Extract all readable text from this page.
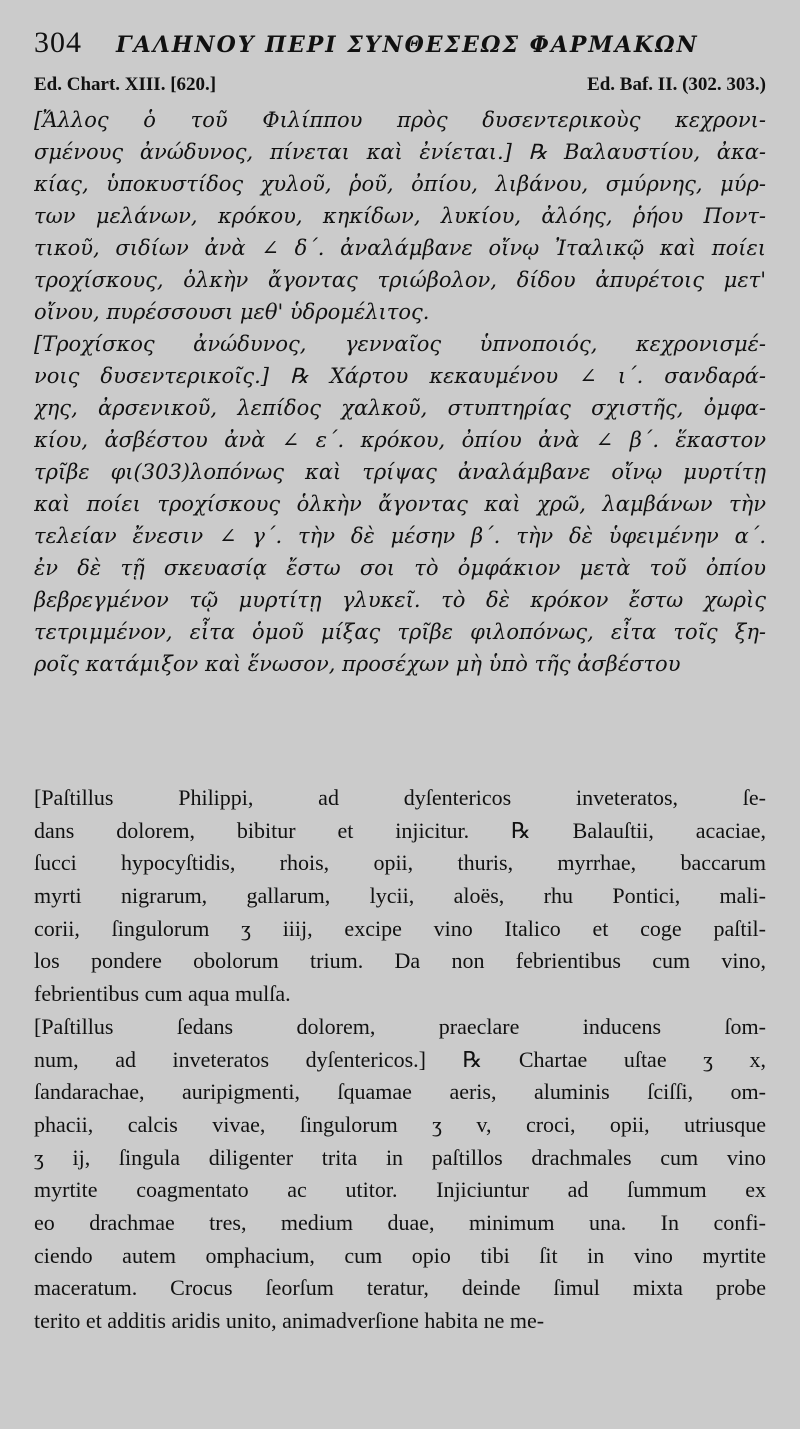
304 ΓΑΛΗΝΟΥ ΠΕΡΙ ΣΥΝΘΕΣΕΩΣ ΦΑΡΜΑΚΩΝ
Ed. Chart. XIII. [620.]	Ed. Baf. II. (302. 303.)
[Ἄλλος ὁ τοῦ Φιλίππου πρὸς δυσεντερικοὺς κεχρονι-
σμένους ἀνώδυνος, πίνεται καὶ ἐνίεται.] ℞ Βαλαυστίου, ἀκα-
κίας, ὑποκυστίδος χυλοῦ, ῥοῦ, ὀπίου, λιβάνου, σμύρνης, μύρ-
των μελάνων, κρόκου, κηκίδων, λυκίου, ἀλόης, ῥήου Ποντ-
τικοῦ, σιδίων ἀνὰ ∠ δ΄. ἀναλάμβανε οἴνῳ Ἰταλικῷ καὶ ποίει
τροχίσκους, ὁλκὴν ἄγοντας τριώβολον, δίδου ἀπυρέτοις μετ'
οἴνου, πυρέσσουσι μεθ' ὑδρομέλιτος.
[Τροχίσκος ἀνώδυνος, γενναῖος ὑπνοποιός, κεχρονισμέ-
νοις δυσεντερικοῖς.] ℞ Χάρτου κεκαυμένου ∠ ι΄. σανδαρά-
χης, ἀρσενικοῦ, λεπίδος χαλκοῦ, στυπτηρίας σχιστῆς, ὀμφα-
κίου, ἀσβέστου ἀνὰ ∠ ε΄. κρόκου, ὀπίου ἀνὰ ∠ β΄. ἕκαστον
τρῖβε φι(303)λοπόνως καὶ τρίψας ἀναλάμβανε οἴνῳ μυρτίτῃ
καὶ ποίει τροχίσκους ὁλκὴν ἄγοντας καὶ χρῶ, λαμβάνων τὴν
τελείαν ἔνεσιν ∠ γ΄. τὴν δὲ μέσην β΄. τὴν δὲ ὑφειμένην α΄.
ἐν δὲ τῇ σκευασίᾳ ἔστω σοι τὸ ὀμφάκιον μετὰ τοῦ ὀπίου
βεβρεγμένον τῷ μυρτίτῃ γλυκεῖ. τὸ δὲ κρόκον ἔστω χωρὶς
τετριμμένον, εἶτα ὁμοῦ μίξας τρῖβε φιλοπόνως, εἶτα τοῖς ξη-
ροῖς κατάμιξον καὶ ἕνωσον, προσέχων μὴ ὑπὸ τῆς ἀσβέστου
[Paſtillus Philippi, ad dyſentericos inveteratos, ſe-
dans dolorem, bibitur et injicitur. ℞ Balauſtii, acaciae,
ſucci hypocyſtidis, rhois, opii, thuris, myrrhae, baccarum
myrti nigrarum, gallarum, lycii, aloës, rhu Pontici, mali-
corii, ſingulorum ʒ iiij, excipe vino Italico et coge paſtil-
los pondere obolorum trium. Da non febrientibus cum vino,
febrientibus cum aqua mulſa.
[Paſtillus ſedans dolorem, praeclare inducens ſom-
num, ad inveteratos dyſentericos.] ℞ Chartae uſtae ʒ x,
ſandarachae, auripigmenti, ſquamae aeris, aluminis ſciſſi, om-
phacii, calcis vivae, ſingulorum ʒ v, croci, opii, utriusque
ʒ ij, ſingula diligenter trita in paſtillos drachmales cum vino
myrtite coagmentato ac utitor. Injiciuntur ad ſummum ex
eo drachmae tres, medium duae, minimum una. In confi-
ciendo autem omphacium, cum opio tibi ſit in vino myrtite
maceratum. Crocus ſeorſum teratur, deinde ſimul mixta probe
terito et additis aridis unito, animadverſione habita ne me-
